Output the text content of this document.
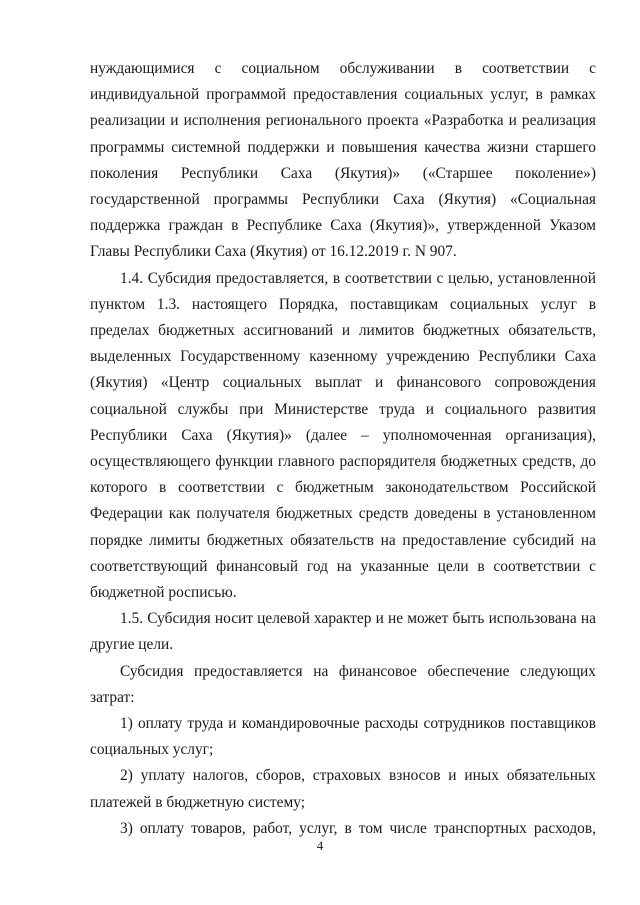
нуждающимися с социальном обслуживании в соответствии с индивидуальной программой предоставления социальных услуг, в рамках реализации и исполнения регионального проекта «Разработка и реализация программы системной поддержки и повышения качества жизни старшего поколения Республики Саха (Якутия)» («Старшее поколение») государственной программы Республики Саха (Якутия) «Социальная поддержка граждан в Республике Саха (Якутия)», утвержденной Указом Главы Республики Саха (Якутия) от 16.12.2019 г. N 907.

1.4. Субсидия предоставляется, в соответствии с целью, установленной пунктом 1.3. настоящего Порядка, поставщикам социальных услуг в пределах бюджетных ассигнований и лимитов бюджетных обязательств, выделенных Государственному казенному учреждению Республики Саха (Якутия) «Центр социальных выплат и финансового сопровождения социальной службы при Министерстве труда и социального развития Республики Саха (Якутия)» (далее – уполномоченная организация), осуществляющего функции главного распорядителя бюджетных средств, до которого в соответствии с бюджетным законодательством Российской Федерации как получателя бюджетных средств доведены в установленном порядке лимиты бюджетных обязательств на предоставление субсидий на соответствующий финансовый год на указанные цели в соответствии с бюджетной росписью.

1.5. Субсидия носит целевой характер и не может быть использована на другие цели.

Субсидия предоставляется на финансовое обеспечение следующих затрат:

1) оплату труда и командировочные расходы сотрудников поставщиков социальных услуг;

2) уплату налогов, сборов, страховых взносов и иных обязательных платежей в бюджетную систему;

3) оплату товаров, работ, услуг, в том числе транспортных расходов,

4
